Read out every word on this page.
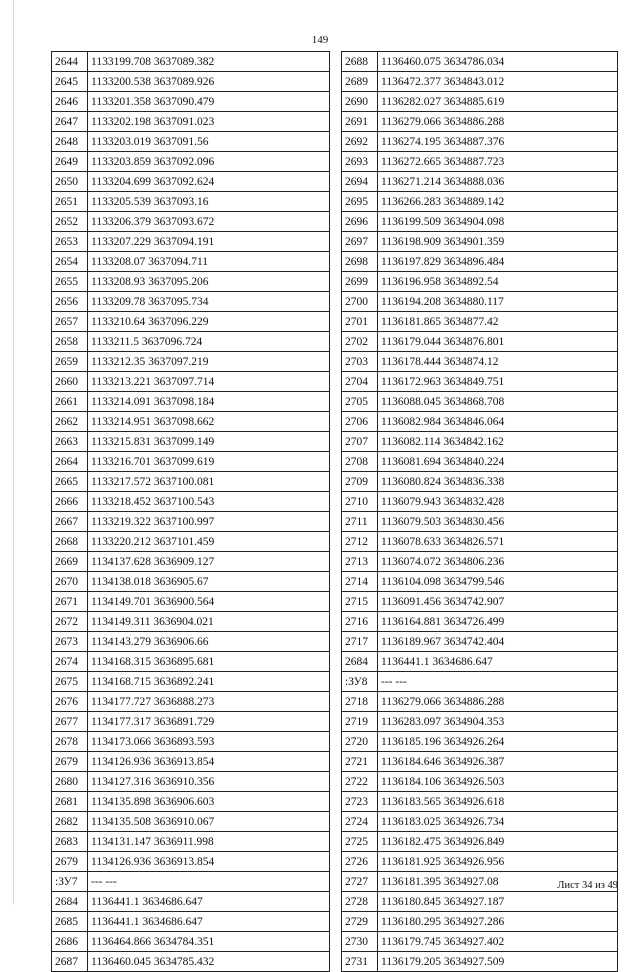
149
2644	1133199.708 3637089.382
2645	1133200.538 3637089.926
2646	1133201.358 3637090.479
2647	1133202.198 3637091.023
2648	1133203.019 3637091.56
2649	1133203.859 3637092.096
2650	1133204.699 3637092.624
2651	1133205.539 3637093.16
2652	1133206.379 3637093.672
2653	1133207.229 3637094.191
2654	1133208.07 3637094.711
2655	1133208.93 3637095.206
2656	1133209.78 3637095.734
2657	1133210.64 3637096.229
2658	1133211.5 3637096.724
2659	1133212.35 3637097.219
2660	1133213.221 3637097.714
2661	1133214.091 3637098.184
2662	1133214.951 3637098.662
2663	1133215.831 3637099.149
2664	1133216.701 3637099.619
2665	1133217.572 3637100.081
2666	1133218.452 3637100.543
2667	1133219.322 3637100.997
2668	1133220.212 3637101.459
2669	1134137.628 3636909.127
2670	1134138.018 3636905.67
2671	1134149.701 3636900.564
2672	1134149.311 3636904.021
2673	1134143.279 3636906.66
2674	1134168.315 3636895.681
2675	1134168.715 3636892.241
2676	1134177.727 3636888.273
2677	1134177.317 3636891.729
2678	1134173.066 3636893.593
2679	1134126.936 3636913.854
2680	1134127.316 3636910.356
2681	1134135.898 3636906.603
2682	1134135.508 3636910.067
2683	1134131.147 3636911.998
2679	1134126.936 3636913.854
:ЗУ7	--- ---
2684	1136441.1 3634686.647
2685	1136441.1 3634686.647
2686	1136464.866 3634784.351
2687	1136460.045 3634785.432
2688	1136460.075 3634786.034
2689	1136472.377 3634843.012
2690	1136282.027 3634885.619
2691	1136279.066 3634886.288
2692	1136274.195 3634887.376
2693	1136272.665 3634887.723
2694	1136271.214 3634888.036
2695	1136266.283 3634889.142
2696	1136199.509 3634904.098
2697	1136198.909 3634901.359
2698	1136197.829 3634896.484
2699	1136196.958 3634892.54
2700	1136194.208 3634880.117
2701	1136181.865 3634877.42
2702	1136179.044 3634876.801
2703	1136178.444 3634874.12
2704	1136172.963 3634849.751
2705	1136088.045 3634868.708
2706	1136082.984 3634846.064
2707	1136082.114 3634842.162
2708	1136081.694 3634840.224
2709	1136080.824 3634836.338
2710	1136079.943 3634832.428
2711	1136079.503 3634830.456
2712	1136078.633 3634826.571
2713	1136074.072 3634806.236
2714	1136104.098 3634799.546
2715	1136091.456 3634742.907
2716	1136164.881 3634726.499
2717	1136189.967 3634742.404
2684	1136441.1 3634686.647
:ЗУ8	--- ---
2718	1136279.066 3634886.288
2719	1136283.097 3634904.353
2720	1136185.196 3634926.264
2721	1136184.646 3634926.387
2722	1136184.106 3634926.503
2723	1136183.565 3634926.618
2724	1136183.025 3634926.734
2725	1136182.475 3634926.849
2726	1136181.925 3634926.956
2727	1136181.395 3634927.08
2728	1136180.845 3634927.187
2729	1136180.295 3634927.286
2730	1136179.745 3634927.402
2731	1136179.205 3634927.509
Лист 34 из 49
